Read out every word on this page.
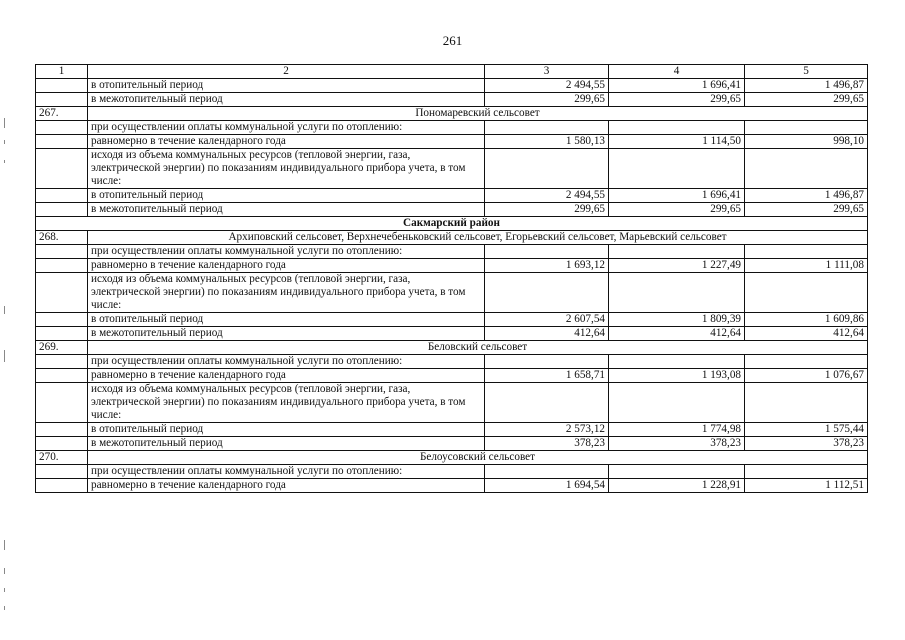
261
1	2	3	4	5
	в отопительный период	2 494,55	1 696,41	1 496,87
	в межотопительный период	299,65	299,65	299,65
267.	Пономаревский сельсовет			
	при осуществлении оплаты коммунальной услуги по отоплению:			
	равномерно в течение календарного года	1 580,13	1 114,50	998,10
	исходя из объема коммунальных ресурсов (тепловой энергии, газа, электрической энергии) по показаниям индивидуального прибора учета, в том числе:			
	в отопительный период	2 494,55	1 696,41	1 496,87
	в межотопительный период	299,65	299,65	299,65
Сакмарский район				
268.	Архиповский сельсовет, Верхнечебеньковский сельсовет, Егорьевский сельсовет, Марьевский сельсовет			
	при осуществлении оплаты коммунальной услуги по отоплению:			
	равномерно в течение календарного года	1 693,12	1 227,49	1 111,08
	исходя из объема коммунальных ресурсов (тепловой энергии, газа, электрической энергии) по показаниям индивидуального прибора учета, в том числе:			
	в отопительный период	2 607,54	1 809,39	1 609,86
	в межотопительный период	412,64	412,64	412,64
269.	Беловский сельсовет			
	при осуществлении оплаты коммунальной услуги по отоплению:			
	равномерно в течение календарного года	1 658,71	1 193,08	1 076,67
	исходя из объема коммунальных ресурсов (тепловой энергии, газа, электрической энергии) по показаниям индивидуального прибора учета, в том числе:			
	в отопительный период	2 573,12	1 774,98	1 575,44
	в межотопительный период	378,23	378,23	378,23
270.	Белоусовский сельсовет			
	при осуществлении оплаты коммунальной услуги по отоплению:			
	равномерно в течение календарного года	1 694,54	1 228,91	1 112,51
